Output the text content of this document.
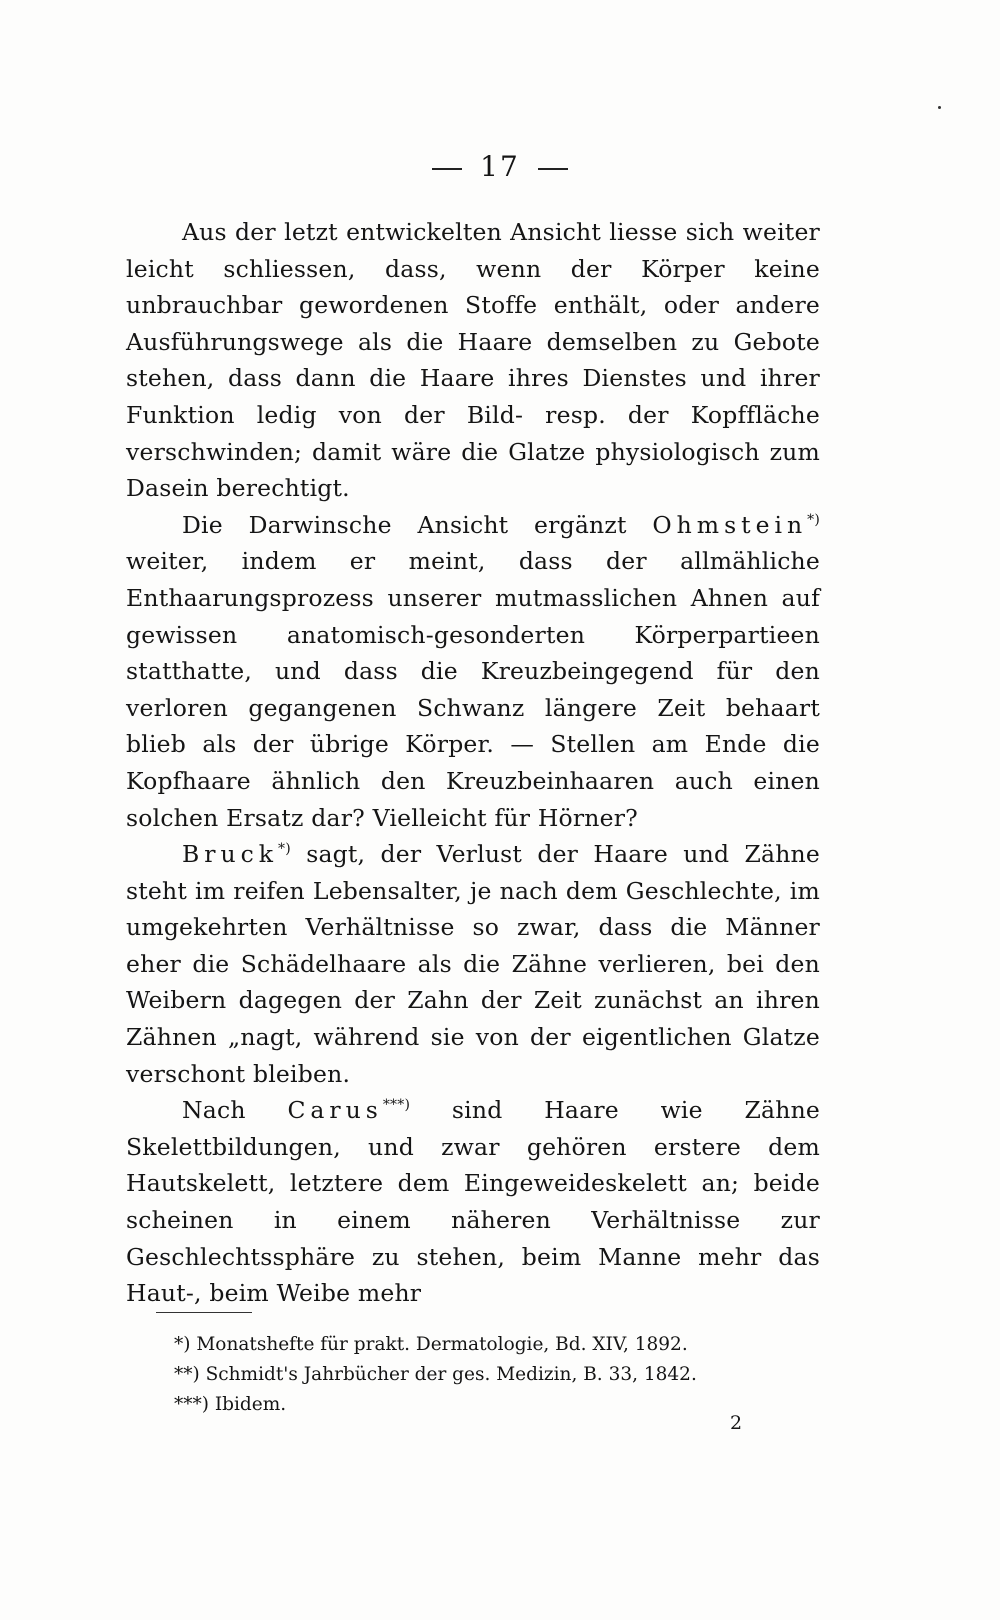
17

Aus der letzt entwickelten Ansicht liesse sich weiter leicht schliessen, dass, wenn der Körper keine unbrauchbar gewordenen Stoffe enthält, oder andere Ausführungswege als die Haare demselben zu Gebote stehen, dass dann die Haare ihres Dienstes und ihrer Funktion ledig von der Bild- resp. der Kopffläche verschwinden; damit wäre die Glatze physiologisch zum Dasein berechtigt.

Die Darwinsche Ansicht ergänzt Ohmstein*) weiter, indem er meint, dass der allmähliche Enthaarungsprozess unserer mutmasslichen Ahnen auf gewissen anatomisch-gesonderten Körperpartieen statthatte, und dass die Kreuzbeingegend für den verloren gegangenen Schwanz längere Zeit behaart blieb als der übrige Körper. — Stellen am Ende die Kopfhaare ähnlich den Kreuzbeinhaaren auch einen solchen Ersatz dar? Vielleicht für Hörner?

Bruck*) sagt, der Verlust der Haare und Zähne steht im reifen Lebensalter, je nach dem Geschlechte, im umgekehrten Verhältnisse so zwar, dass die Männer eher die Schädelhaare als die Zähne verlieren, bei den Weibern dagegen der Zahn der Zeit zunächst an ihren Zähnen „nagt, während sie von der eigentlichen Glatze verschont bleiben.

Nach Carus***) sind Haare wie Zähne Skelettbildungen, und zwar gehören erstere dem Hautskelett, letztere dem Eingeweideskelett an; beide scheinen in einem näheren Verhältnisse zur Geschlechtssphäre zu stehen, beim Manne mehr das Haut-, beim Weibe mehr

*) Monatshefte für prakt. Dermatologie, Bd. XIV, 1892.

**) Schmidt's Jahrbücher der ges. Medizin, B. 33, 1842.

***) Ibidem.

2
